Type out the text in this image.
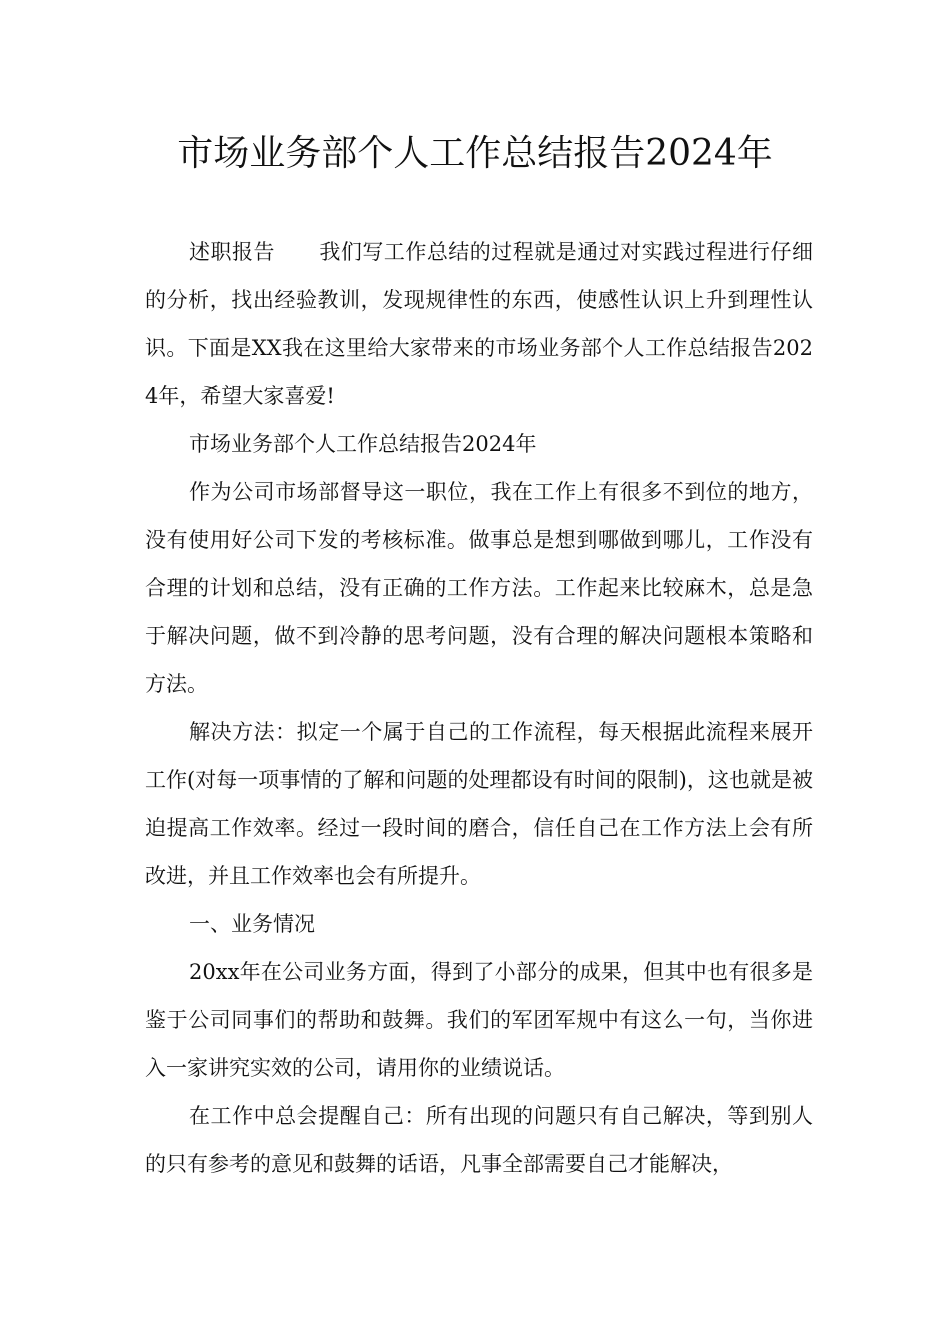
市场业务部个人工作总结报告2024年

述职报告 我们写工作总结的过程就是通过对实践过程进行仔细的分析，找出经验教训，发现规律性的东西，使感性认识上升到理性认识。下面是XX我在这里给大家带来的市场业务部个人工作总结报告2024年，希望大家喜爱!

市场业务部个人工作总结报告2024年

作为公司市场部督导这一职位，我在工作上有很多不到位的地方，没有使用好公司下发的考核标准。做事总是想到哪做到哪儿，工作没有合理的计划和总结，没有正确的工作方法。工作起来比较麻木，总是急于解决问题，做不到冷静的思考问题，没有合理的解决问题根本策略和方法。

解决方法：拟定一个属于自己的工作流程，每天根据此流程来展开工作(对每一项事情的了解和问题的处理都设有时间的限制)，这也就是被迫提高工作效率。经过一段时间的磨合，信任自己在工作方法上会有所改进，并且工作效率也会有所提升。

一、业务情况

20xx年在公司业务方面，得到了小部分的成果，但其中也有很多是鉴于公司同事们的帮助和鼓舞。我们的军团军规中有这么一句，当你进入一家讲究实效的公司，请用你的业绩说话。

在工作中总会提醒自己：所有出现的问题只有自己解决，等到别人的只有参考的意见和鼓舞的话语，凡事全部需要自己才能解决，
